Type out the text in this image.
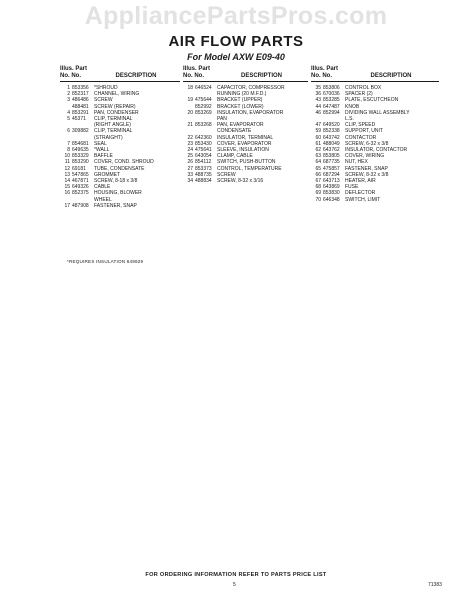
AppliancePartsPros.com
AIR FLOW PARTS
For Model AXW E09-40
Illus. Part
No. No.	DESCRIPTION
1 853356	*SHROUD
2 852317	CHANNEL, WIRING
3 486486	SCREW
488481	SCREW (REPAIR)
4 853291	PAN, CONDENSER
5 45371	CLIP, TERMINAL
(RIGHT ANGLE)
6 309882	CLIP, TERMINAL
(STRAIGHT)
7 854681	SEAL
8 649635	*WALL
10 853329	BAFFLE
11 853290	COVER, COND. SHROUD
12 69181	TUBE, CONDENSATE
13 547865	GROMMET
14 467871	SCREW, 8-18 x 3/8
15 649326	CABLE
16 852375	HOUSING, BLOWER
WHEEL
17 487908	FASTENER, SNAP
Illus. Part
No. No.	DESCRIPTION
18 646524	CAPACITOR, COMPRESSOR
RUNNING (20 M.F.D.)
19 475644	BRACKET (UPPER)
852992	BRACKET (LOWER)
20 853269	INSULATION, EVAPORATOR
PAN
21 853268	PAN, EVAPORATOR
CONDENSATE
22 642360	INSULATOR, TERMINAL
23 853430	COVER, EVAPORATOR
24 475641	SLEEVE, INSULATION
25 643054	CLAMP, CABLE
26 854112	SWITCH, PUSH-BUTTON
27 853373	CONTROL, TEMPERATURE
33 488735	SCREW
34 488834	SCREW, 8-32 x 3/16
Illus. Part
No. No.	DESCRIPTION
35 853806	CONTROL BOX
36 670036	SPACER (2)
43 853285	PLATE, ESCUTCHEON
44 647487	KNOB
46 852994	DIVIDING WALL ASSEMBLY
L.S.
47 649520	CLIP, SPEED
59 852338	SUPPORT, UNIT
60 643742	CONTACTOR
61 488049	SCREW, 6-32 x 3/8
62 643762	INSULATOR, CONTACTOR
63 853805	COVER, WIRING
64 687735	NUT, HEX
65 475857	FASTENER, SNAP
66 687294	SCREW, 8-32 x 3/8
67 643713	HEATER, AIR
68 643869	FUSE
69 853830	DEFLECTOR
70 646348	SWITCH, LIMIT
*REQUIRES INSULATION 649929
FOR ORDERING INFORMATION REFER TO PARTS PRICE LIST
5	71383
